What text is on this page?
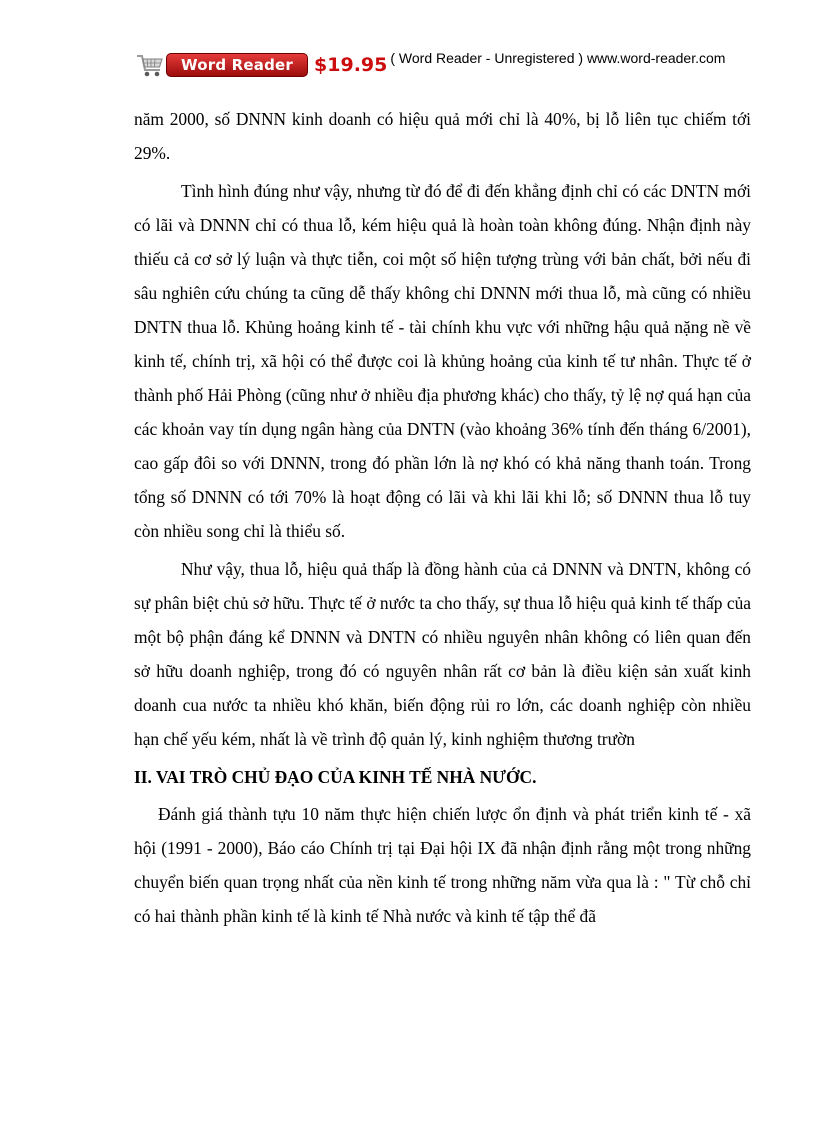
Word Reader	$19.95 ( Word Reader - Unregistered ) www.word-reader.com

năm 2000, số DNNN kinh doanh có hiệu quả mới chỉ là 40%, bị lỗ liên tục chiếm tới 29%.

Tình hình đúng như vậy, nhưng từ đó để đi đến khẳng định chỉ có các DNTN mới có lãi và DNNN chỉ có thua lỗ, kém hiệu quả là hoàn toàn không đúng. Nhận định này thiếu cả cơ sở lý luận và thực tiễn, coi một số hiện tượng trùng với bản chất, bởi nếu đi sâu nghiên cứu chúng ta cũng dễ thấy không chỉ DNNN mới thua lỗ, mà cũng có nhiều DNTN thua lỗ. Khủng hoảng kinh tế - tài chính khu vực với những hậu quả nặng nề về kinh tế, chính trị, xã hội có thể được coi là khủng hoảng của kinh tế tư nhân. Thực tế ở thành phố Hải Phòng (cũng như ở nhiều địa phương khác) cho thấy, tỷ lệ nợ quá hạn của các khoản vay tín dụng ngân hàng của DNTN (vào khoảng 36% tính đến tháng 6/2001), cao gấp đôi so với DNNN, trong đó phần lớn là nợ khó có khả năng thanh toán. Trong tổng số DNNN có tới 70% là hoạt động có lãi và khi lãi khi lỗ; số DNNN thua lỗ tuy còn nhiều song chỉ là thiểu số.

Như vậy, thua lỗ, hiệu quả thấp là đồng hành của cả DNNN và DNTN, không có sự phân biệt chủ sở hữu. Thực tế ở nước ta cho thấy, sự thua lỗ hiệu quả kinh tế thấp của một bộ phận đáng kể DNNN và DNTN có nhiều nguyên nhân không có liên quan đến sở hữu doanh nghiệp, trong đó có nguyên nhân rất cơ bản là điều kiện sản xuất kinh doanh cua nước ta nhiều khó khăn, biến động rủi ro lớn, các doanh nghiệp còn nhiều hạn chế yếu kém, nhất là về trình độ quản lý, kinh nghiệm thương trườn

II. VAI TRÒ CHỦ ĐẠO CỦA KINH TẾ NHÀ NƯỚC.

Đánh giá thành tựu 10 năm thực hiện chiến lược ổn định và phát triển kinh tế - xã hội (1991 - 2000), Báo cáo Chính trị tại Đại hội IX đã nhận định rằng một trong những chuyển biến quan trọng nhất của nền kinh tế trong những năm vừa qua là : " Từ chỗ chỉ có hai thành phần kinh tế là kinh tế Nhà nước và kinh tế tập thể đã
